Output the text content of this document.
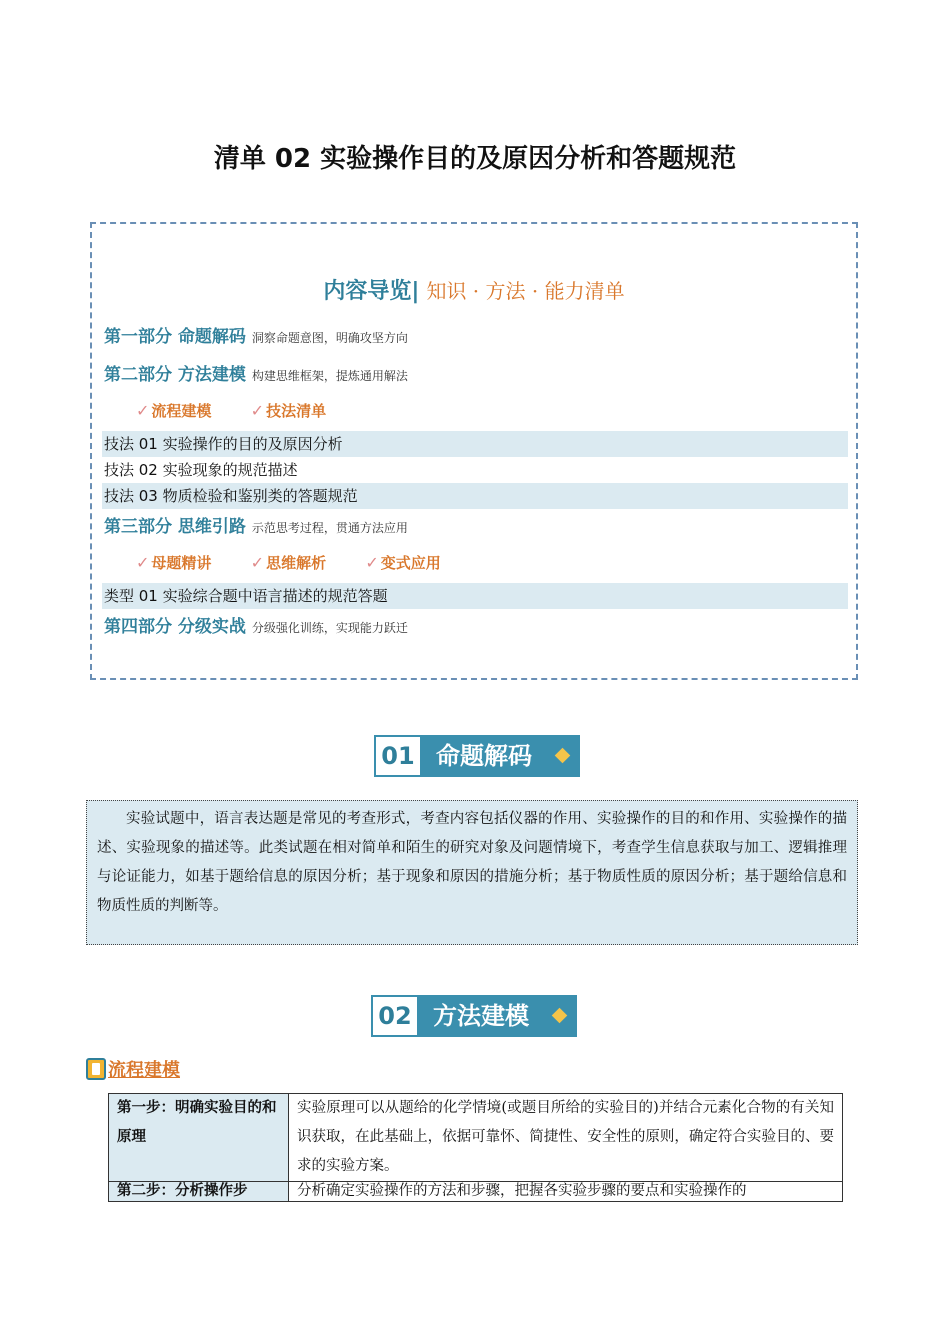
清单 02 实验操作目的及原因分析和答题规范
内容导览| 知识 · 方法 · 能力清单
第一部分 命题解码 洞察命题意图，明确攻坚方向
第二部分 方法建模 构建思维框架，提炼通用解法
✓ 流程建模
✓ 技法清单
技法 01 实验操作的目的及原因分析
技法 02 实验现象的规范描述
技法 03 物质检验和鉴别类的答题规范
第三部分 思维引路 示范思考过程，贯通方法应用
✓ 母题精讲
✓ 思维解析
✓ 变式应用
类型 01 实验综合题中语言描述的规范答题
第四部分 分级实战 分级强化训练，实现能力跃迁
01 命题解码
实验试题中，语言表达题是常见的考查形式，考查内容包括仪器的作用、实验操作的目的和作用、实验操作的描述、实验现象的描述等。此类试题在相对简单和陌生的研究对象及问题情境下，考查学生信息获取与加工、逻辑推理与论证能力，如基于题给信息的原因分析；基于现象和原因的措施分析；基于物质性质的原因分析；基于题给信息和物质性质的判断等。
02 方法建模
流程建模
第一步：明确实验目的和原理	实验原理可以从题给的化学情境(或题目所给的实验目的)并结合元素化合物的有关知识获取，在此基础上，依据可靠怀、简捷性、安全性的原则，确定符合实验目的、要求的实验方案。

第二步：分析操作步	分析确定实验操作的方法和步骤，把握各实验步骤的要点和实验操作的
